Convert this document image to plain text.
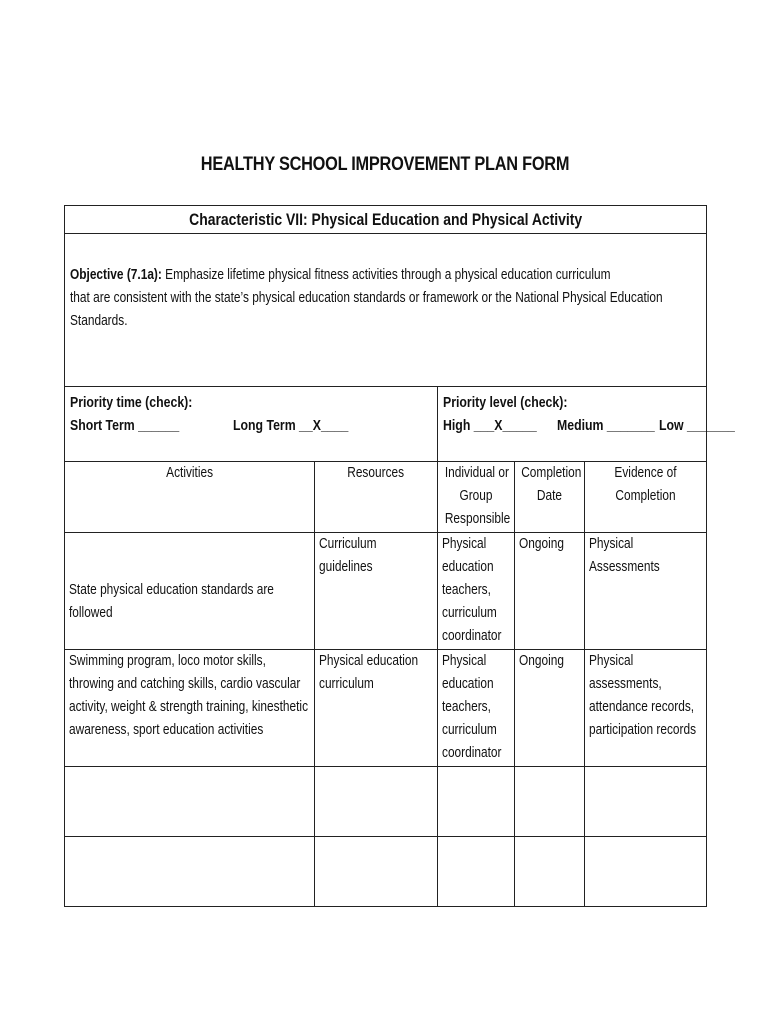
HEALTHY SCHOOL IMPROVEMENT PLAN FORM
Characteristic VII: Physical Education and Physical Activity				

Objective (7.1a): Emphasize lifetime physical fitness activities through a physical education curriculum
that are consistent with the state’s physical education standards or framework or the National Physical Education
Standards.				

Priority time (check):
Short Term ______ Long Term __X____		Priority level (check):
High ___X_____ Medium _______ Low _______		

Activities	Resources	Individual or
Group
Responsible	Completion
Date	Evidence of
Completion

State physical education standards are
followed	Curriculum
guidelines	Physical
education
teachers,
curriculum
coordinator	Ongoing	Physical
Assessments

Swimming program, loco motor skills,
throwing and catching skills, cardio vascular
activity, weight & strength training, kinesthetic
awareness, sport education activities	Physical education
curriculum	Physical
education
teachers,
curriculum
coordinator	Ongoing	Physical
assessments,
attendance records,
participation records
